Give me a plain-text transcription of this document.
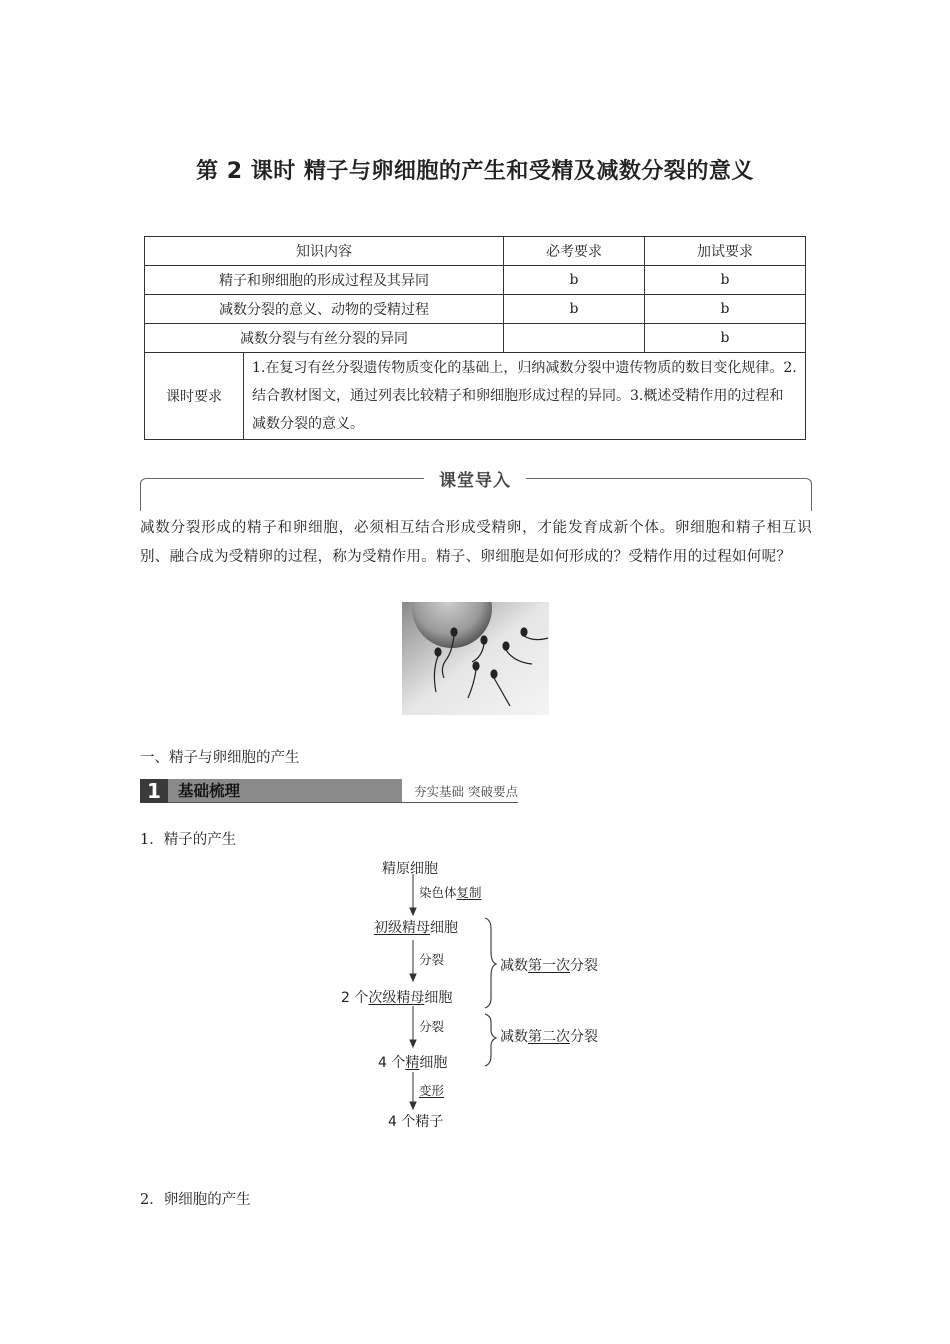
第 2 课时 精子与卵细胞的产生和受精及减数分裂的意义
知识内容		必考要求	加试要求
精子和卵细胞的形成过程及其异同		b	b
减数分裂的意义、动物的受精过程		b	b
减数分裂与有丝分裂的异同			b
课时要求	1.在复习有丝分裂遗传物质变化的基础上，归纳减数分裂中遗传物质的数目变化规律。2.结合教材图文，通过列表比较精子和卵细胞形成过程的异同。3.概述受精作用的过程和减数分裂的意义。		
课堂导入
减数分裂形成的精子和卵细胞，必须相互结合形成受精卵，才能发育成新个体。卵细胞和精子相互识别、融合成为受精卵的过程，称为受精作用。精子、卵细胞是如何形成的？受精作用的过程如何呢？
一、精子与卵细胞的产生
1	基础梳理	夯实基础 突破要点
1．精子的产生
精原细胞
染色体复制
初级精母细胞
分裂
2 个次级精母细胞
分裂
4 个精细胞
变形
4 个精子
减数第一次分裂
减数第二次分裂
2．卵细胞的产生
